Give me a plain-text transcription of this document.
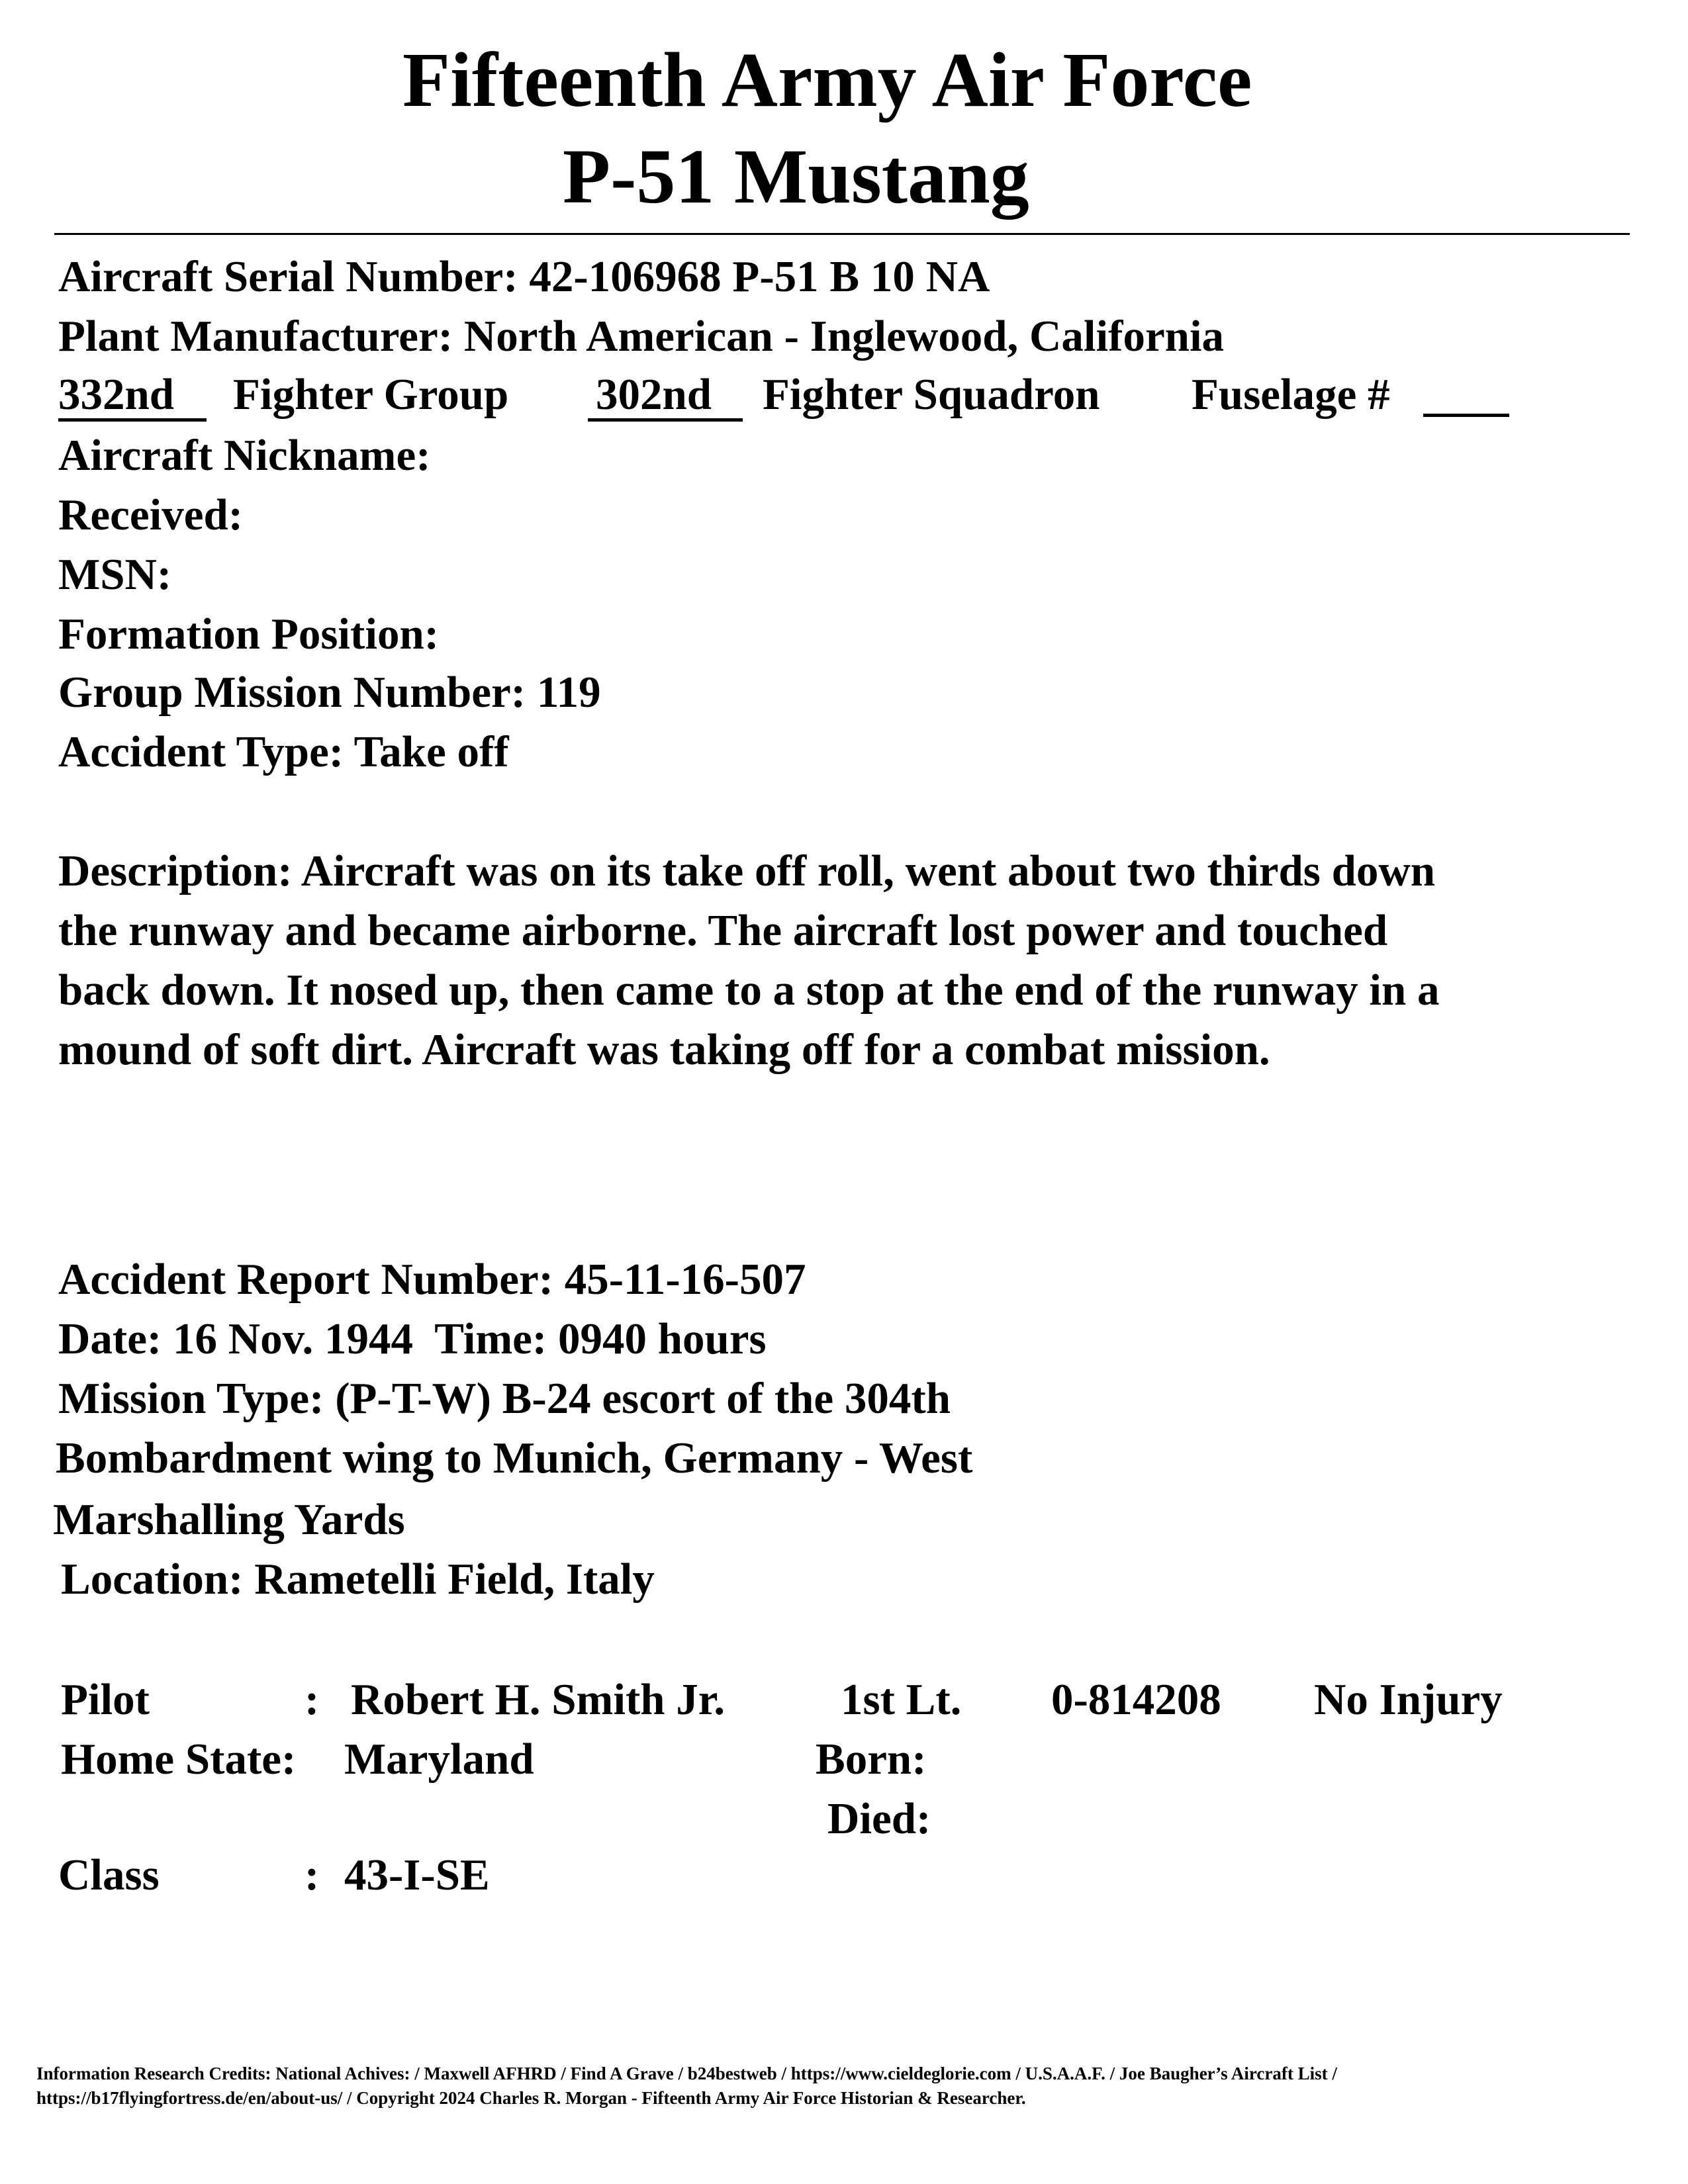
Fifteenth Army Air Force
P-51 Mustang
Aircraft Serial Number: 42-106968 P-51 B 10 NA
Plant Manufacturer: North American - Inglewood, California
332nd	Fighter Group 302nd	Fighter Squadron Fuselage #
Aircraft Nickname:
Received:
MSN:
Formation Position:
Group Mission Number: 119
Accident Type: Take off
Description: Aircraft was on its take off roll, went about two thirds down
the runway and became airborne. The aircraft lost power and touched
back down. It nosed up, then came to a stop at the end of the runway in a
mound of soft dirt. Aircraft was taking off for a combat mission.
Accident Report Number: 45-11-16-507
Date: 16 Nov. 1944 Time: 0940 hours
Mission Type: (P-T-W) B-24 escort of the 304th
Bombardment wing to Munich, Germany - West
Marshalling Yards
Location: Rametelli Field, Italy
Pilot	: Robert H. Smith Jr.	1st Lt. 0-814208 No Injury
Home State: Maryland	Born:
Died:
Class	: 43-I-SE
Information Research Credits: National Achives: / Maxwell AFHRD / Find A Grave / b24bestweb / https://www.cieldeglorie.com / U.S.A.A.F. / Joe Baugher’s Aircraft List /
https://b17flyingfortress.de/en/about-us/ / Copyright 2024 Charles R. Morgan - Fifteenth Army Air Force Historian & Researcher.
